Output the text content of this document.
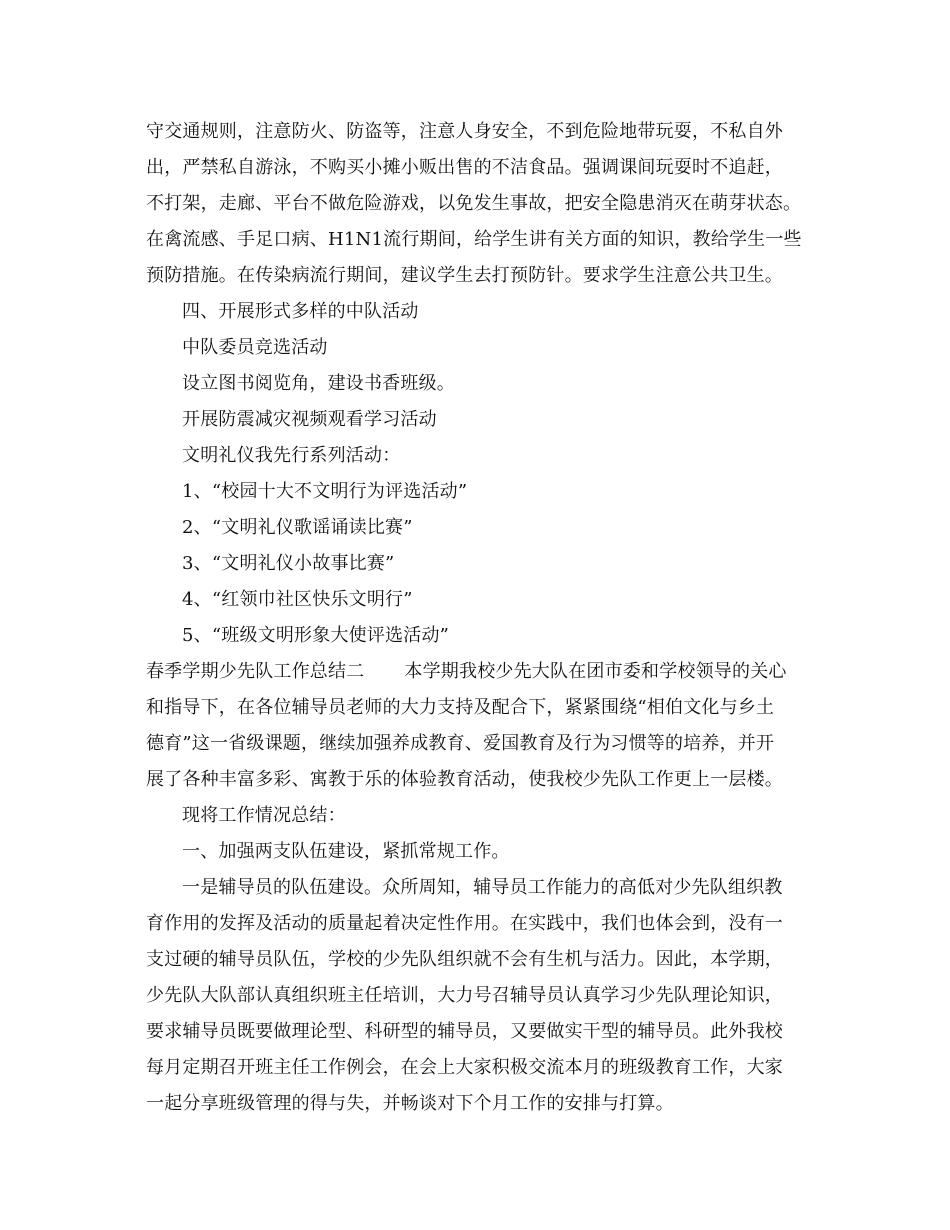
守交通规则，注意防火、防盗等，注意人身安全，不到危险地带玩耍，不私自外
出，严禁私自游泳，不购买小摊小贩出售的不洁食品。强调课间玩耍时不追赶，
不打架，走廊、平台不做危险游戏，以免发生事故，把安全隐患消灭在萌芽状态。
在禽流感、手足口病、H1N1流行期间，给学生讲有关方面的知识，教给学生一些
预防措施。在传染病流行期间，建议学生去打预防针。要求学生注意公共卫生。
四、开展形式多样的中队活动
中队委员竞选活动
设立图书阅览角，建设书香班级。
开展防震减灾视频观看学习活动
文明礼仪我先行系列活动：
1、“校园十大不文明行为评选活动”
2、“文明礼仪歌谣诵读比赛”
3、“文明礼仪小故事比赛”
4、“红领巾社区快乐文明行”
5、“班级文明形象大使评选活动”
春季学期少先队工作总结二 本学期我校少先大队在团市委和学校领导的关心
和指导下，在各位辅导员老师的大力支持及配合下，紧紧围绕“相伯文化与乡土
德育”这一省级课题，继续加强养成教育、爱国教育及行为习惯等的培养，并开
展了各种丰富多彩、寓教于乐的体验教育活动，使我校少先队工作更上一层楼。
现将工作情况总结：
一、加强两支队伍建设，紧抓常规工作。
一是辅导员的队伍建设。众所周知，辅导员工作能力的高低对少先队组织教
育作用的发挥及活动的质量起着决定性作用。在实践中，我们也体会到，没有一
支过硬的辅导员队伍，学校的少先队组织就不会有生机与活力。因此，本学期，
少先队大队部认真组织班主任培训，大力号召辅导员认真学习少先队理论知识，
要求辅导员既要做理论型、科研型的辅导员，又要做实干型的辅导员。此外我校
每月定期召开班主任工作例会，在会上大家积极交流本月的班级教育工作，大家
一起分享班级管理的得与失，并畅谈对下个月工作的安排与打算。
